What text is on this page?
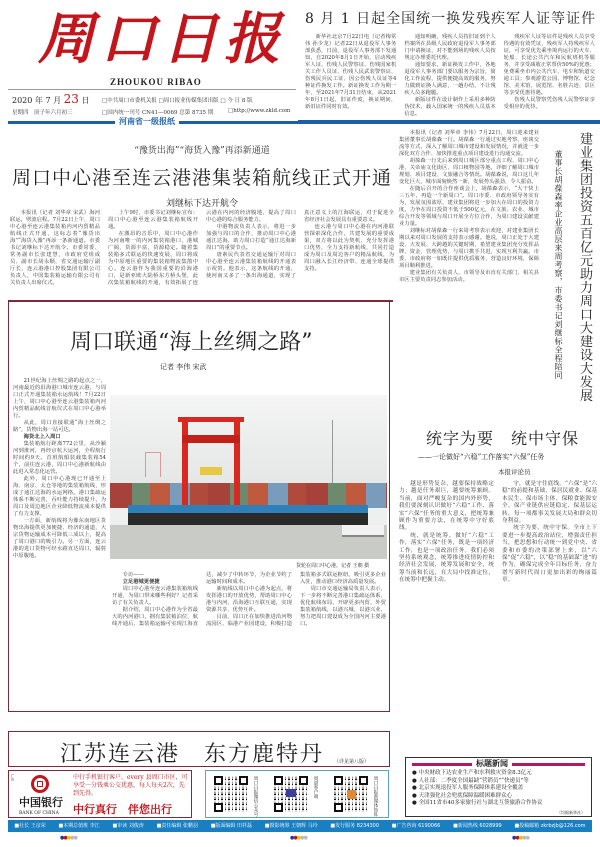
周口日报
ZHOUKOU RIBAO
2020 年 7 月 23 日
星期四　庚子年六月初三
□中共周口市委机关报 □周口报业传媒集团出版 □ 今 日 8 版
□国内统一刊号 CN41—0069 总第 8735 期	□http://www.zkld.com
河南省一级报纸
8 月 1 日起全国统一换发残疾军人证等证件

新华社北京7月22日电（记者梅常伟 孙少龙）记者22日从退役军人事务部获悉，日前，退役军人事务部下发通知，自2020年8月1日开始，启动残疾军人证、伤残人民警察证、伤残国家机关工作人员证、伤残人民武装警察证、伤残民兵民工证、因公伤残人员证等4种证件换发工作。新证换发工作为期一年，至2021年7月31日结束，从2021年8月1日起，旧证作废，换证期间，新旧证件同时有效。

通知明确，残疾人员持旧证到个人档案所在县级人民政府退役军人事务部门申请换证，对不能到场的残疾人员按规定办理委托代理。

通知要求，新证换发工作中，各地退役军人事务部门要以服务为宗旨，简化工作流程，提供便捷高效的服务，努力做到证换人满意，一趟办结，不让残疾人员多跑腿。

新版证件在设计制作上采用多种防伪技术，载入国家统一的残疾人员基本信息。

残疾军人证等证件是残疾人员享受待遇的有效凭证，残疾军人持残疾军人证，可享受优先乘坐境内运行的火车、轮船、长途公共汽车和民航班机等服务，并享受减收正常票价50%的优惠；免费乘坐市内公共汽车、电车和轨道交通工具；参观游览公园、博物馆、纪念馆、美术馆、展览馆、名胜古迹、景区等享受优惠待遇。

伤残人民警察凭伤残人民警察证享受相应的优待。

“豫货出海”“海货入豫”再添新通道
周口中心港至连云港港集装箱航线正式开通
刘继标下达开航令

本报讯（记者 刘华章 宋武）海河联运，劈波启程。7月22日上午，周口中心港至连云港集装箱内河内贸精品航线正式开通，这标志着“豫货出海”“海货入豫”再添一条新通道。市委书记刘继标下达开航令。市委常委、常务副市长张建慧，市政府党组成员、副市长胡永顺，省交通运输厅副厅长，连云港港口控股集团有限公司负责人，中国集装箱运输有限公司有关负责人出席仪式。

上午9时，市委书记刘继标宣布：周口中心港至连云港集装箱航线开通。

在激昂的音乐中，周口中心港作为河南唯一的内河集装箱港口，港城广阔，货源丰富，货源稳定。随着集装箱多式联运的快速发展，周口将成为中原地区重要的集装箱物流集散中心。连云港作为我国重要的沿海港口，是新亚欧大陆桥东方桥头堡，此次集装箱航线的开通，有效拓展了连云港在内河的经济腹地，提高了周口中心港的综合服务能力。

中港物流负责人表示，将进一步加强与周口的合作，推动周口中心港通江达海，助力周口打造“通江达海新周口”的重要节点。

唐素民代表省交通运输厅对周口中心港至连云港集装箱航线的开通表示祝贺。他表示，这条航线的开通，使河南又多了一条出海通道，实现了真正意义上的江海联运，对于促进全省经济社会发展具有重要意义。

连云港与周口中心港在内河港联营探索深化合作，共建发展的重要成果，双方将以此为契机，充分发挥港口优势，全力支持新航线，共同打造成为周口及周边客户的精品航线，为周口融入长江经济带、连通全球提供支持。

周口联通“海上丝绸之路”
记者 李伟 宋武

21世纪海上丝绸之路的起点之一，河南最近的沿海港口城市连云港，与周口正式开通集装箱水运航线！7月22日上午，周口中心港至连云港集装箱内河内贸精品航线首航仪式在周口中心港举行。

从此，周口直接联通“海上丝绸之路”，货物出海一站可达。

海货北上入周口

集装箱航行距离772公里，从沙颍河到淮河，再经京杭大运河，全程航行时间约9天。首班航船装载集装箱54个，前往连云港，周口中心港新航线由此进入常态化运营。

此外，周口中心港现已开通至上海、南京、太仓等地的集装箱航线，形成了通江达海的水运网络。港口集疏运体系不断完善，吞吐能力持续提升，为周口及周边地区企业降低物流成本提供了有力支撑。

一方面，新航线将为豫东南地区货物出海提供更加便捷、经济的通道，大宗货物运输成本可降低三成以上，提高了周口港口的吸引力。另一方面，连云港的进口货物可经水路直达周口，辐射中原腹地。

货轮在周口中心港。记者 王朝 摄

专访——

立足港城更便捷

周口中心港至连云港集装箱航线开通，为周口带来哪些利好？记者采访了有关负责人。

据介绍，周口中心港作为全省最大的内河港口，拥有集装箱泊位，航线开通后，集装箱运输可实现江海直达，减少了中转环节，为企业节约了运输时间和成本。

新航线以周口中心港为起点，将发挥港口的开放优势，帮助周口中心港与内河、沿海港口互联互通，实现资源共享、优势互补。

目前，周口正在加快推进沿河物流园区、临港产业园建设，积极打造集装箱多式联运枢纽，吸引更多企业入驻，推动港口经济高质量发展。

周口市交通运输局负责人表示，下一步将不断完善港口集疏运体系，优化航线布局，开辟更多内贸、外贸集装箱航线，以港兴城、以港兴业，努力把周口建设成为全国内河主要港口。

建业集团投资五百亿元助力周口大建设大发展
董事长胡葆森率企业高层来周考察，市委书记刘继标全程陪同

本报讯（记者 刘华章 李伟）7月22日，周口迎来建业集团董事长胡葆森一行。胡葆森一行通过实地考察、座谈交流等方式，深入了解周口城市建设和发展情况，并就进一步深化双方合作、加快推进重点项目建设进行沟通交流。

胡葆森一行先后来到周口城区部分重点工程、周口中心港、关帝庙文化街区、周口植物园等地，详细了解周口城市规划、项目建设、文旅融合等情况。胡葆森说，周口这几年变化巨大，城市面貌焕然一新，发展势头强劲，令人振奋。

在随后召开的合作座谈会上，胡葆森表示，“大干快上三五年，再造一个新周口”。周口市委、市政府领导务实有为，发展氛围浓厚，建业集团将进一步加大在周口的投资力度，力争在周口投资不低于500亿元，在文旅、农业、城市综合开发等领域与周口开展全方位合作，为周口建设贡献建业力量。

刘继标对胡葆森一行来周考察表示欢迎，对建业集团长期以来对周口发展的支持表示感谢。他说，周口正处于大建设、大发展、大跨越的关键时期，希望建业集团充分发挥品牌、资金、管理优势，与周口携手共进，实现互利共赢。市委、市政府将一如既往提供优质服务，营造良好环境，保障项目顺利推进。

建业集团有关负责人，市领导及市直有关部门、相关县市区主要负责同志参加活动。

统字为要　统中守保
——一论做好“六稳”工作落实“六保”任务
本报评论员

越是形势复杂，越要保持战略定力；越是任务艰巨，越要统筹兼顾。当前，面对严峻复杂的国内外形势，我们要深刻认识做好“六稳”工作、落实“六保”任务的重大意义，把统筹兼顾作为重要方法，在统筹中守好底线。

统，就是统筹。做好“六稳”工作，落实“六保”任务，既是一项经济工作，也是一项政治任务。我们必须坚持系统观念，统筹推进疫情防控和经济社会发展，统筹发展和安全，统筹当前和长远，在大局中找准定位，在统筹中把握主动。

守，就是守住底线。“六保”是“六稳”的前提和基础，保居民就业、保基本民生、保市场主体、保粮食能源安全、保产业链供应链稳定、保基层运转，每一项都事关发展大局和群众切身利益。

统字为要，统中守保。全市上下要进一步提高政治站位，增强责任担当，把思想和行动统一到党中央、省委和市委的决策部署上来，以“六保”促“六稳”，以“稳”的基础谋“进”的作为，确保完成全年目标任务，奋力谱写新时代周口更加出彩的绚丽篇章。

江苏连云港　东方鹿特丹 （详见第八版）
广告
中国银行
BANK OF CHINA
中行手机银行客户，every 县周口市区，可享受一分钱乘公交优惠，每人每天2次，先到先得。
中行真行　伴您出行	周口日报微信公众号	周道客户端	周口日报新媒体矩阵
标题新闻
● 中央财政下达农业生产和水利救灾资金8.3亿元
● 人社部：二季度全国最缺“营销员”“快递员”等
● 北京实现退役军人服务保障体系建设全覆盖
● 天津强化社会兜底保障温暖困难群众心
● 全国11省市40多家旅行社与湖北互签旅游合作协议
（均据新华社）
■社长 王彦荣	■本期总值班 李江	■审读 刘俊涛	■责任编辑 张鹏羽	■版面编辑 田祥磊	■摄影统筹 王朝辉 马玲	■发行服务 8234300	■广告咨询 6190066	■新闻热线 6028999	■投稿邮箱 zkrbzjb@126.com
●●●●●	●●●●●	●●●●●
